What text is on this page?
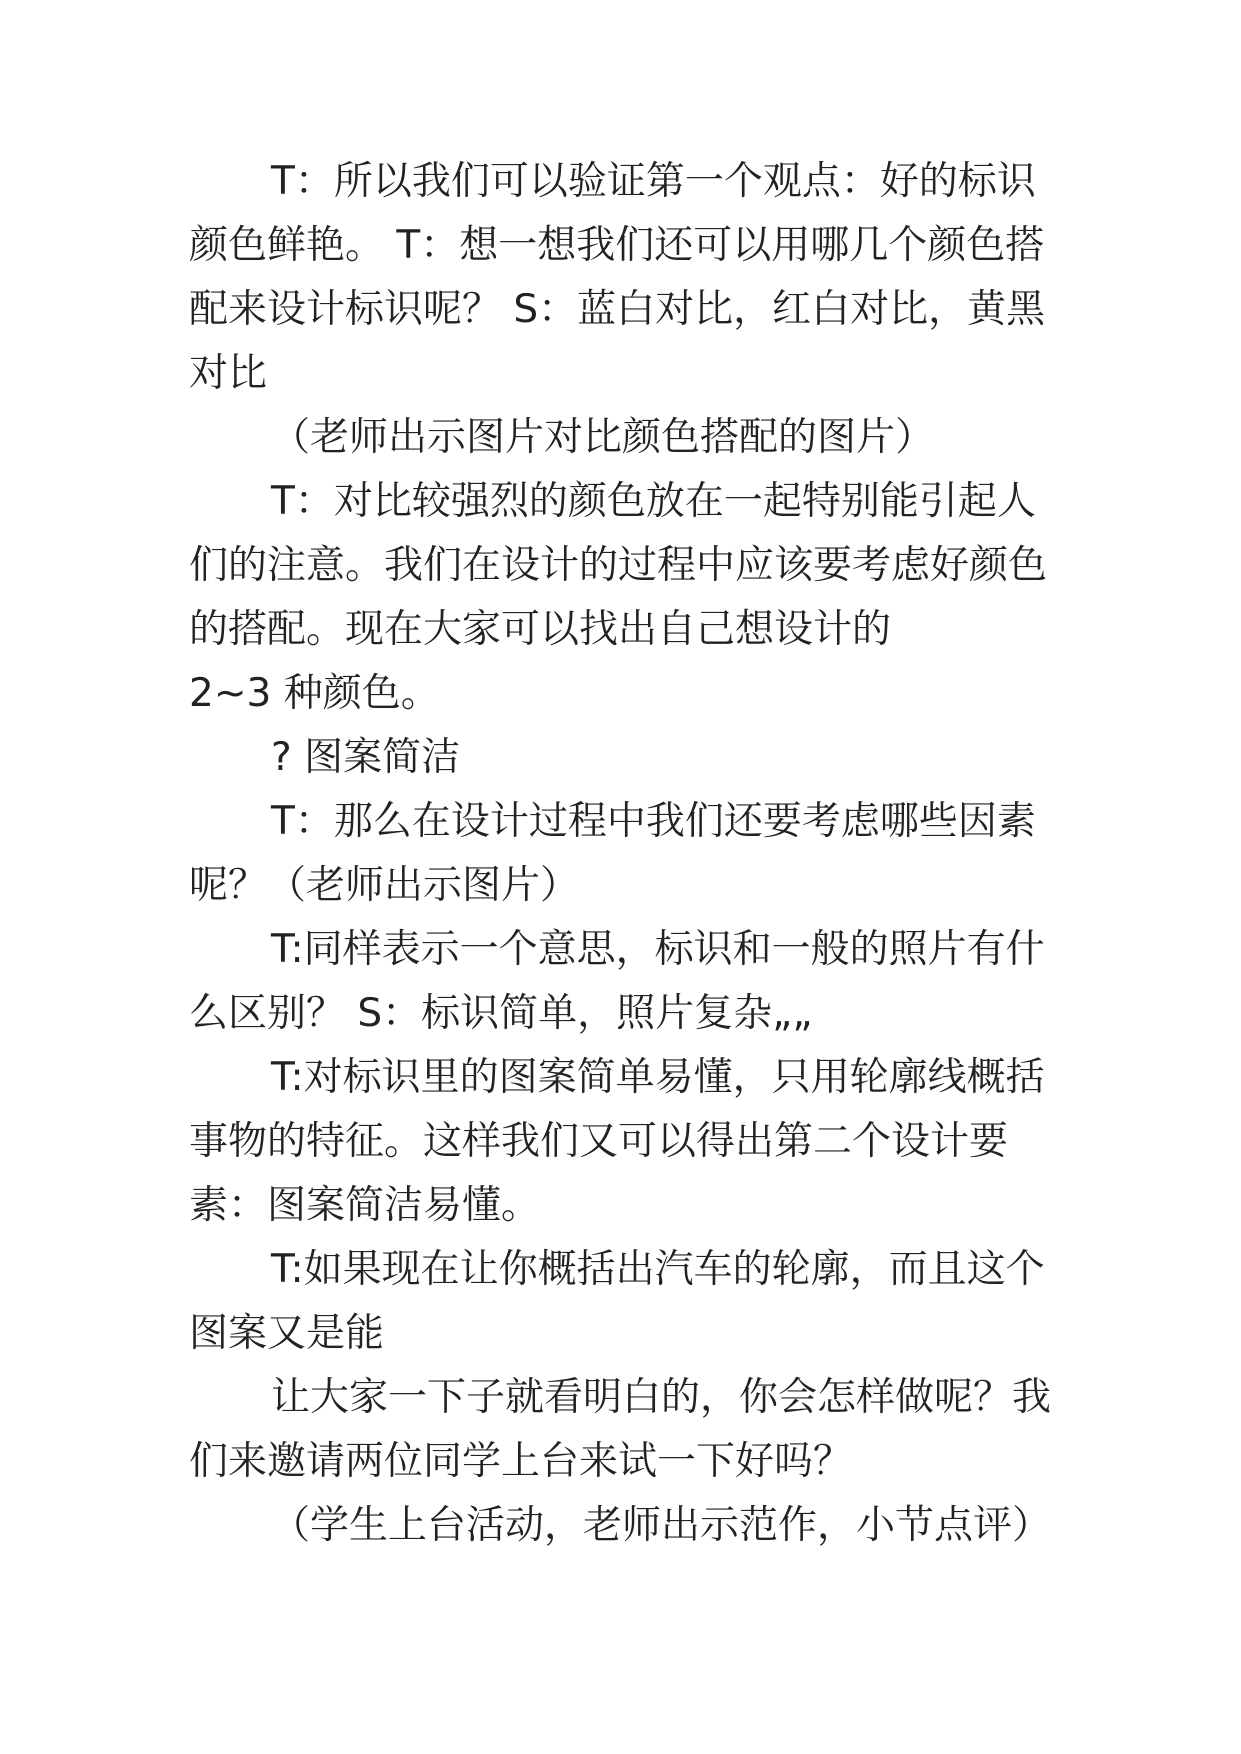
T：所以我们可以验证第一个观点：好的标识颜色鲜艳。 T：想一想我们还可以用哪几个颜色搭配来设计标识呢？ S：蓝白对比，红白对比，黄黑对比

（老师出示图片对比颜色搭配的图片）

T：对比较强烈的颜色放在一起特别能引起人们的注意。我们在设计的过程中应该要考虑好颜色的搭配。现在大家可以找出自己想设计的

2~3 种颜色。

? 图案简洁

T：那么在设计过程中我们还要考虑哪些因素呢？（老师出示图片）

T:同样表示一个意思，标识和一般的照片有什么区别？ S：标识简单，照片复杂„„

T:对标识里的图案简单易懂，只用轮廓线概括事物的特征。这样我们又可以得出第二个设计要素：图案简洁易懂。

T:如果现在让你概括出汽车的轮廓，而且这个图案又是能

让大家一下子就看明白的，你会怎样做呢？我们来邀请两位同学上台来试一下好吗？

（学生上台活动，老师出示范作，小节点评）
